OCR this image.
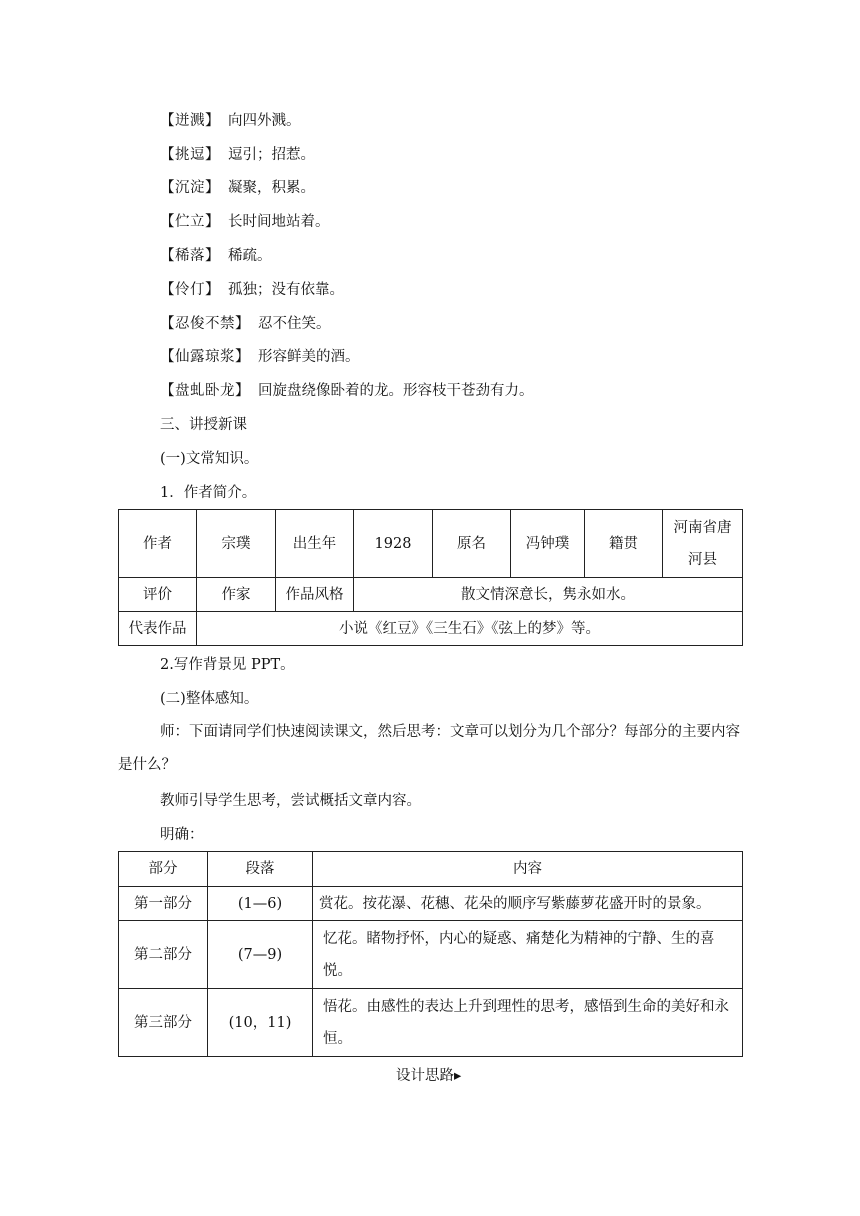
【迸溅】 向四外溅。
【挑逗】 逗引；招惹。
【沉淀】 凝聚，积累。
【伫立】 长时间地站着。
【稀落】 稀疏。
【伶仃】 孤独；没有依靠。
【忍俊不禁】 忍不住笑。
【仙露琼浆】 形容鲜美的酒。
【盘虬卧龙】 回旋盘绕像卧着的龙。形容枝干苍劲有力。
三、讲授新课
(一)文常知识。
1．作者简介。
作者	宗璞	出生年	1928	原名	冯钟璞	籍贯	河南省唐河县
评价	作家	作品风格	散文情深意长，隽永如水。				
代表作品	小说《红豆》《三生石》《弦上的梦》等。						
2.写作背景见 PPT。
(二)整体感知。
师：下面请同学们快速阅读课文，然后思考：文章可以划分为几个部分？每部分的主要内容是什么？
教师引导学生思考，尝试概括文章内容。
明确：
部分	段落	内容
第一部分	(1—6)	赏花。按花瀑、花穗、花朵的顺序写紫藤萝花盛开时的景象。
第二部分	(7—9)	忆花。睹物抒怀，内心的疑惑、痛楚化为精神的宁静、生的喜悦。
第三部分	(10，11)	悟花。由感性的表达上升到理性的思考，感悟到生命的美好和永恒。
设计思路▸
